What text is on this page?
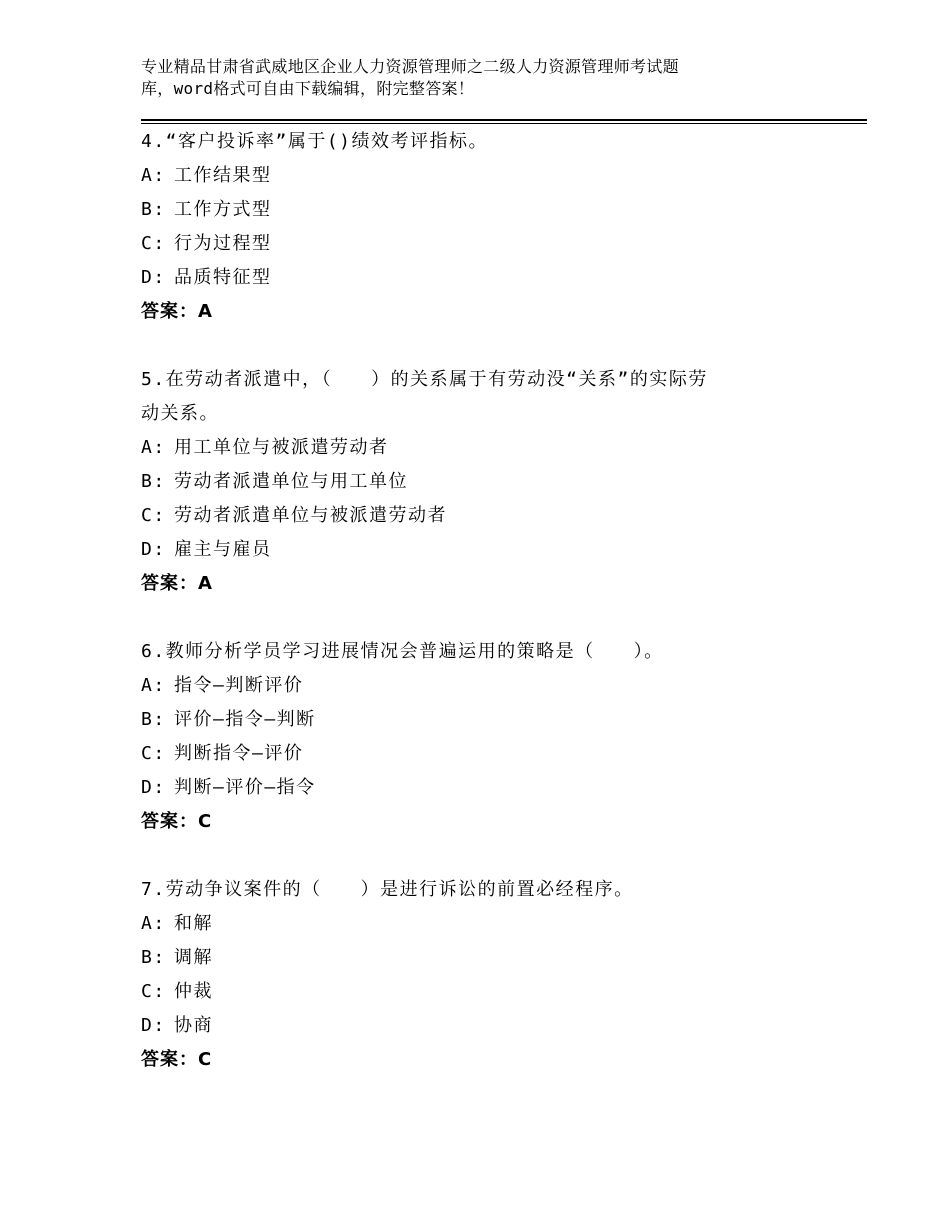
专业精品甘肃省武威地区企业人力资源管理师之二级人力资源管理师考试题
库，word格式可自由下载编辑，附完整答案！
4.“客户投诉率”属于()绩效考评指标。
A: 工作结果型
B: 工作方式型
C: 行为过程型
D: 品质特征型
答案：A
5.在劳动者派遣中，（　　）的关系属于有劳动没“关系”的实际劳
动关系。
A: 用工单位与被派遣劳动者
B: 劳动者派遣单位与用工单位
C: 劳动者派遣单位与被派遣劳动者
D: 雇主与雇员
答案：A
6.教师分析学员学习进展情况会普遍运用的策略是（　　）。
A: 指令—判断评价
B: 评价—指令—判断
C: 判断指令—评价
D: 判断—评价—指令
答案：C
7.劳动争议案件的（　　）是进行诉讼的前置必经程序。
A: 和解
B: 调解
C: 仲裁
D: 协商
答案：C
